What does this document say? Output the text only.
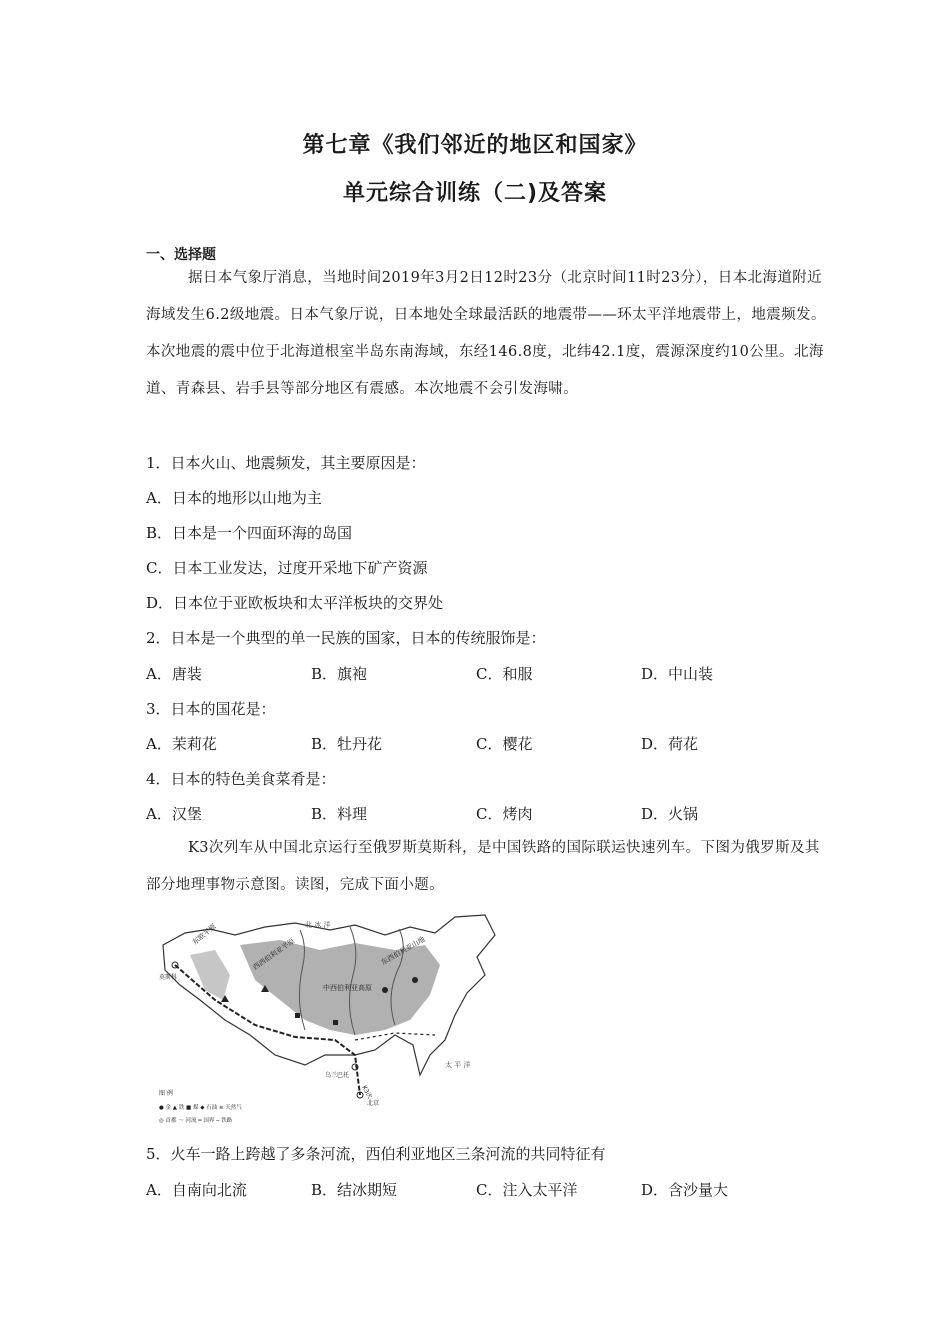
第七章《我们邻近的地区和国家》
单元综合训练（二)及答案
一、选择题
据日本气象厅消息，当地时间2019年3月2日12时23分（北京时间11时23分），日本北海道附近海域发生6.2级地震。日本气象厅说，日本地处全球最活跃的地震带——环太平洋地震带上，地震频发。本次地震的震中位于北海道根室半岛东南海域，东经146.8度，北纬42.1度，震源深度约10公里。北海道、青森县、岩手县等部分地区有震感。本次地震不会引发海啸。
1．日本火山、地震频发，其主要原因是：
A．日本的地形以山地为主
B．日本是一个四面环海的岛国
C．日本工业发达，过度开采地下矿产资源
D．日本位于亚欧板块和太平洋板块的交界处
2．日本是一个典型的单一民族的国家，日本的传统服饰是：
A．唐装	B．旗袍	C．和服	D．中山装
3．日本的国花是：
A．茉莉花	B．牡丹花	C．樱花	D．荷花
4．日本的特色美食菜肴是：
A．汉堡	B．料理	C．烤肉	D．火锅
K3次列车从中国北京运行至俄罗斯莫斯科，是中国铁路的国际联运快速列车。下图为俄罗斯及其部分地理事物示意图。读图，完成下面小题。
北 冰 洋
太 平 洋
东欧平原
西西伯利亚平原
中西伯利亚高原
东西伯利亚山地
莫斯科
乌兰巴托
北京
K3次
图 例
● 金 ▲ 铁 ■ 煤 ◆ 石油 ≋ 天然气
◎ 首都 ～ 河流 ━ 国界 ─ 铁路
5．火车一路上跨越了多条河流，西伯利亚地区三条河流的共同特征有
A．自南向北流	B．结冰期短	C．注入太平洋	D．含沙量大
